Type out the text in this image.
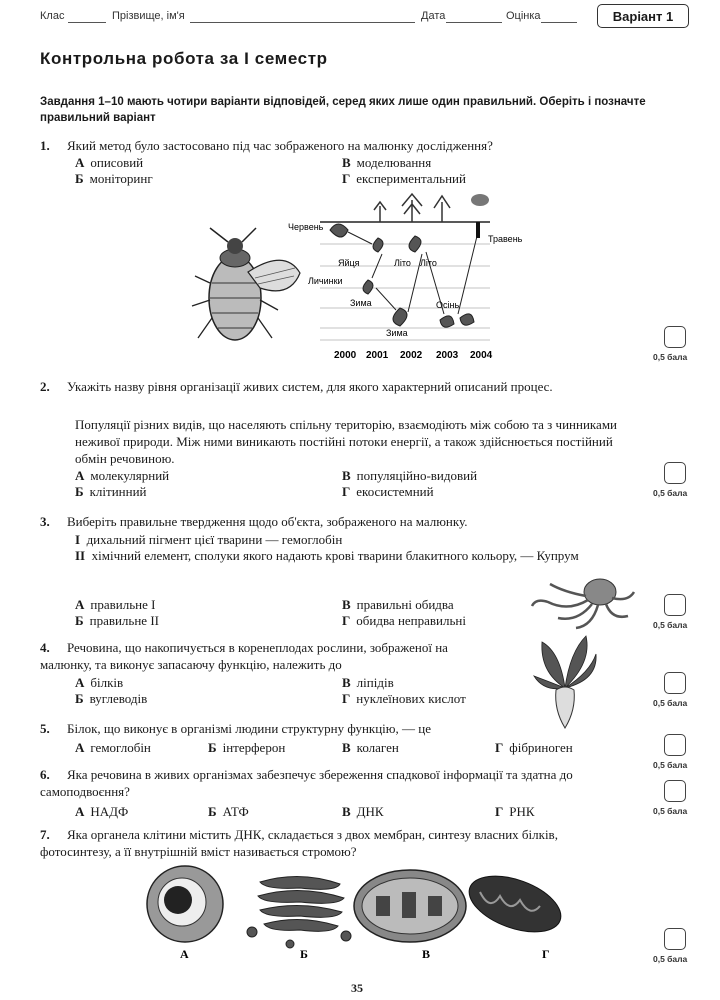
Клас	Прізвище, ім'я	Дата	Оцінка	Варіант 1
Контрольна робота за І семестр
Завдання 1–10 мають чотири варіанти відповідей, серед яких лише один правильний. Оберіть і позначте правильний варіант
1. Який метод було застосовано під час зображеного на малюнку дослідження?
А описовий
Б моніторинг
В моделювання
Г експериментальний
Червень
Яйця
Личинки
Літо Літо
Зима
Зима
Осінь
Травень
2000 2001 2002 2003 2004	0,5 бала
2. Укажіть назву рівня організації живих систем, для якого характерний описаний процес.
Популяції різних видів, що населяють спільну територію, взаємодіють між собою та з чинниками неживої природи. Між ними виникають постійні потоки енергії, а також здійснюється постійний обмін речовиною.
А молекулярний
Б клітинний
В популяційно-видовий
Г екосистемний	0,5 бала
3. Виберіть правильне твердження щодо об'єкта, зображеного на малюнку.
I дихальний пігмент цієї тварини — гемоглобін
II хімічний елемент, сполуки якого надають крові тварини блакитного кольору, — Купрум
А правильне І
Б правильне ІІ
В правильні обидва
Г обидва неправильні	0,5 бала
4. Речовина, що накопичується в коренеплодах рослини, зображеної на малюнку, та виконує запасаючу функцію, належить до
А білків
Б вуглеводів
В ліпідів
Г нуклеїнових кислот	0,5 бала
5. Білок, що виконує в організмі людини структурну функцію, — це
А гемоглобін	Б інтерферон	В колаген	Г фібриноген
0,5 бала
6. Яка речовина в живих організмах забезпечує збереження спадкової інформації та здатна до самоподвоєння?
А НАДФ	Б АТФ	В ДНК	Г РНК	0,5 бала
7. Яка органела клітини містить ДНК, складається з двох мембран, синтезу власних білків, фотосинтезу, а її внутрішній вміст називається стромою?
А	Б	В	Г	0,5 бала
35
